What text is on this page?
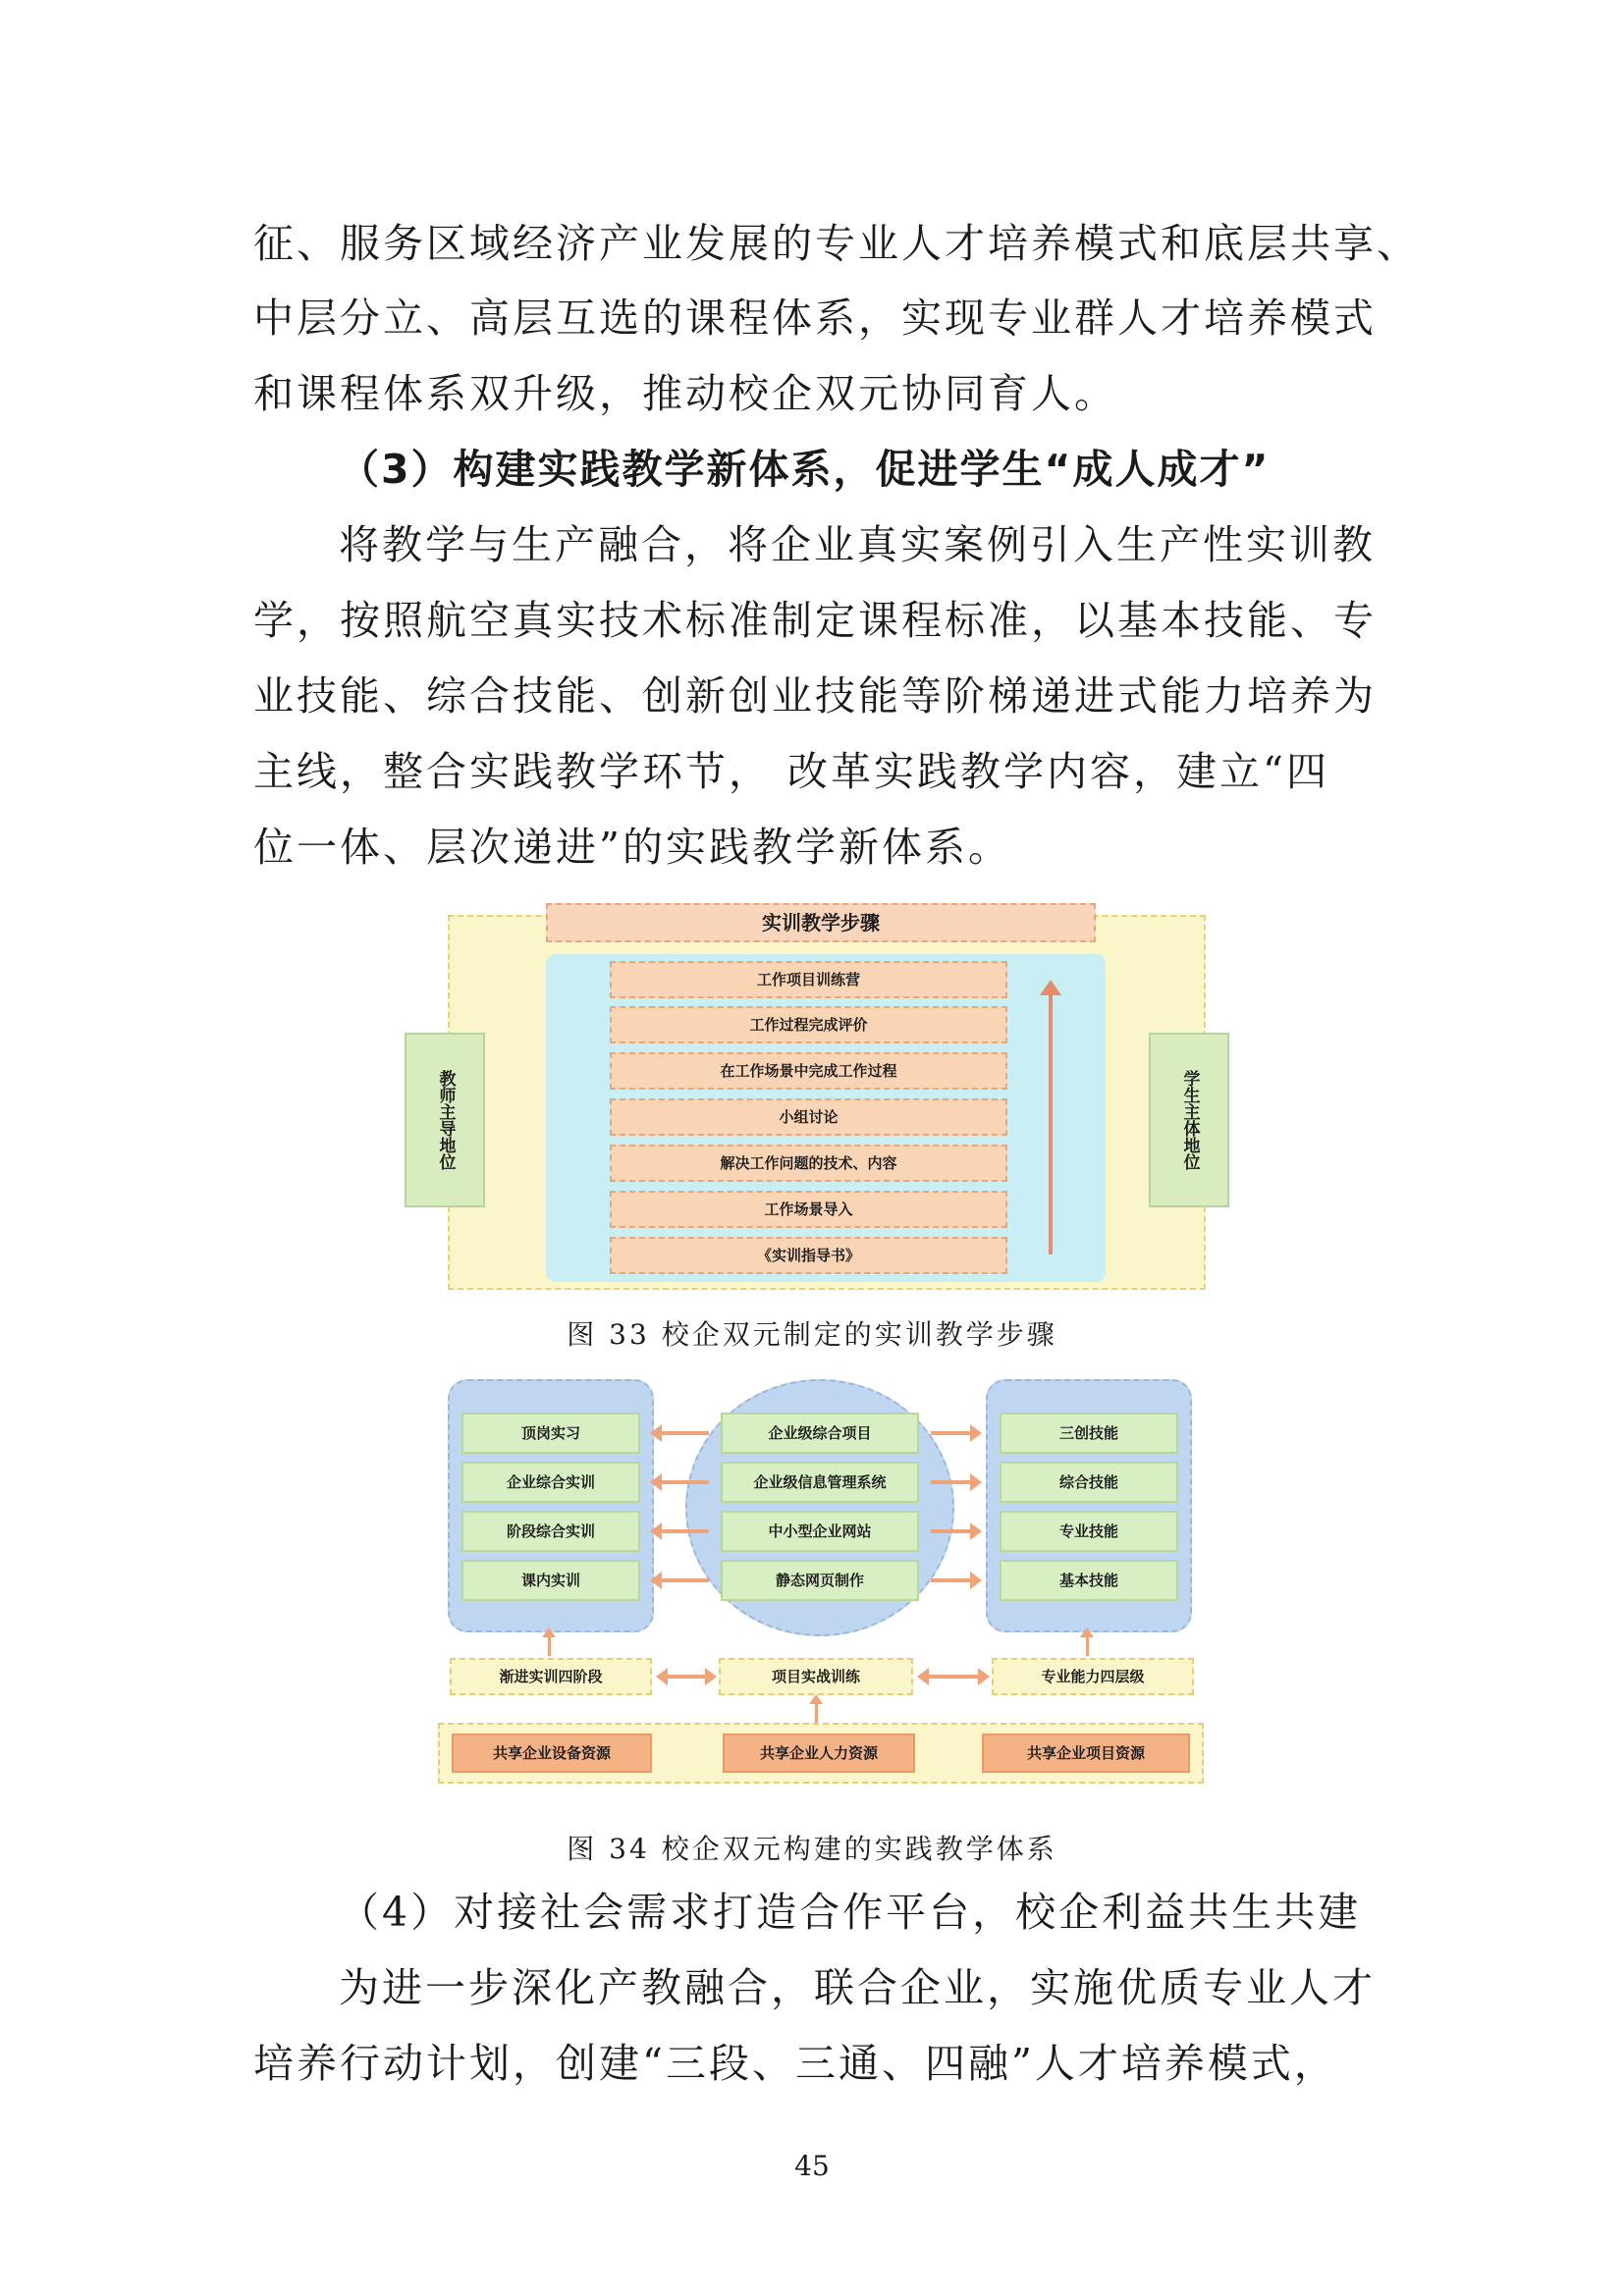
征、服务区域经济产业发展的专业人才培养模式和底层共享、
中层分立、高层互选的课程体系，实现专业群人才培养模式
和课程体系双升级，推动校企双元协同育人。
（3）构建实践教学新体系，促进学生“成人成才”
将教学与生产融合，将企业真实案例引入生产性实训教
学，按照航空真实技术标准制定课程标准，以基本技能、专
业技能、综合技能、创新创业技能等阶梯递进式能力培养为
主线，整合实践教学环节， 改革实践教学内容，建立“四
位一体、层次递进”的实践教学新体系。
实训教学步骤
工作项目训练营
工作过程完成评价
在工作场景中完成工作过程
小组讨论
解决工作问题的技术、内容
工作场景导入
《实训指导书》
教师主导地位	学生主体地位
图 33 校企双元制定的实训教学步骤
顶岗实习
企业综合实训
阶段综合实训
课内实训
企业级综合项目
企业级信息管理系统
中小型企业网站
静态网页制作
三创技能
综合技能
专业技能
基本技能
渐进实训四阶段	项目实战训练	专业能力四层级
共享企业设备资源	共享企业人力资源	共享企业项目资源
图 34 校企双元构建的实践教学体系
（4）对接社会需求打造合作平台，校企利益共生共建
为进一步深化产教融合，联合企业，实施优质专业人才
培养行动计划，创建“三段、三通、四融”人才培养模式，
45
